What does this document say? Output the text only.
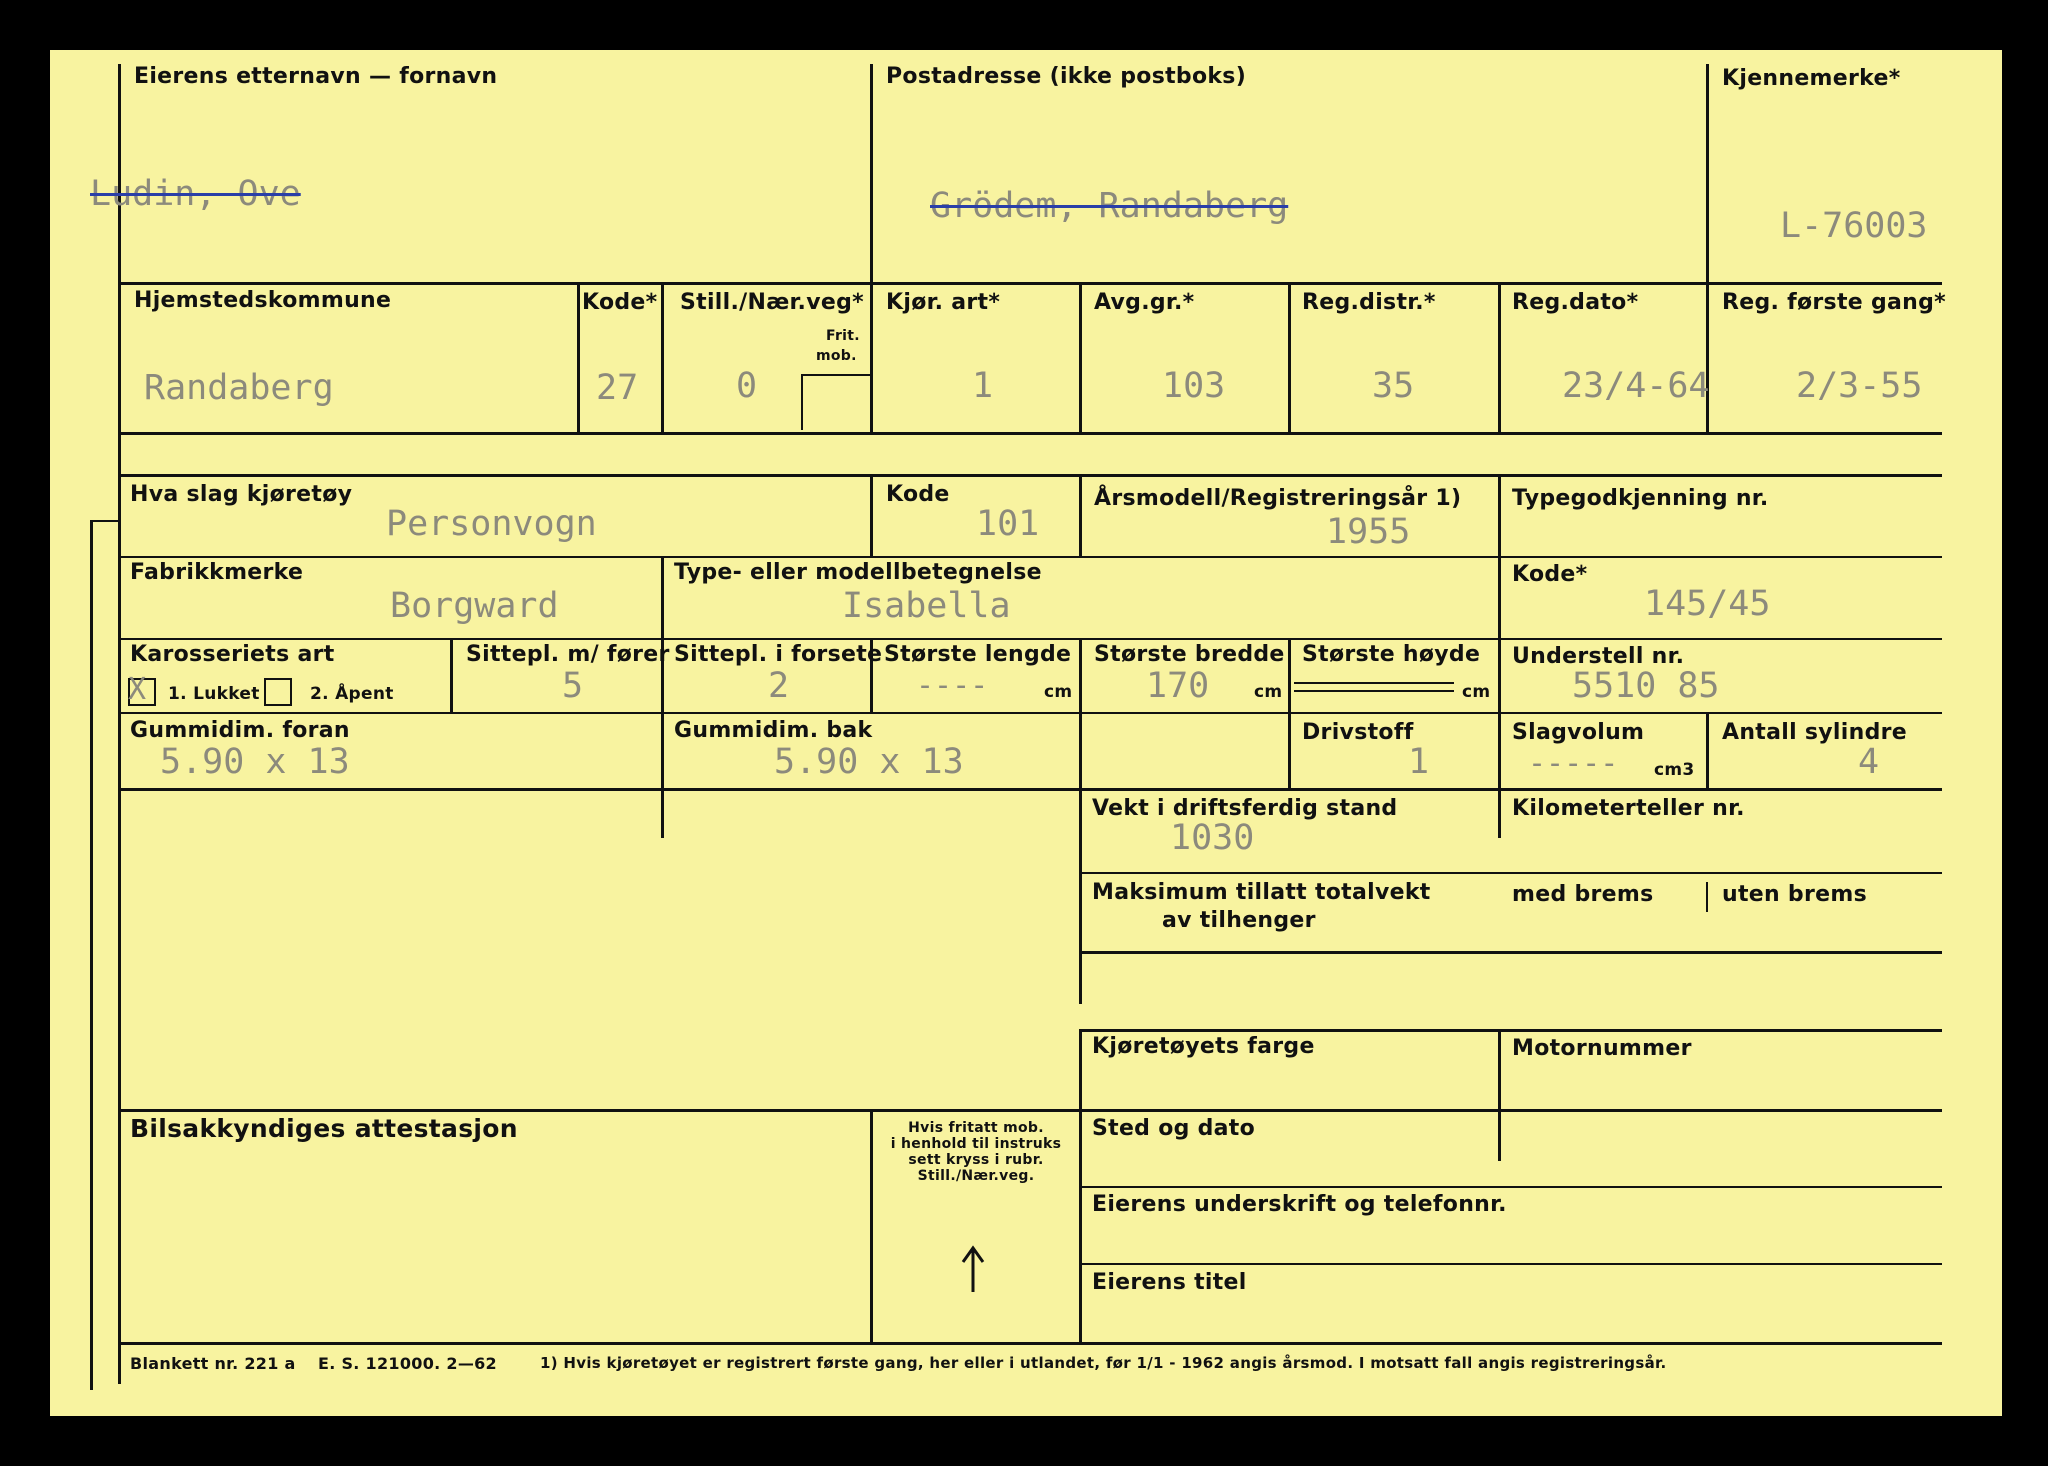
Eierens etternavn — fornavn	Postadresse (ikke postboks)	Kjennemerke*
Ludin, Ove	Grödem, Randaberg	L-76003
Hjemstedskommune
Randaberg
Kode*
27
Still./Nær.veg*
Frit.
mob.
0
Kjør. art*
1
Avg.gr.*
103
Reg.distr.*
35
Reg.dato*
23/4-64
Reg. første gang*
2/3-55
Hva slag kjøretøy
Personvogn
Kode
101
Årsmodell/Registreringsår 1)
1955
Typegodkjenning nr.
Fabrikkmerke
Borgward
Type- eller modellbetegnelse
Isabella
Kode*
145/45
Karosseriets art
X 1. Lukket	2. Åpent
Sittepl. m/ fører
5
Sittepl. i forsete
2
Største lengde
----	cm
Største bredde
170	cm
Største høyde
cm
Understell nr.
5510 85
Gummidim. foran
5.90 x 13
Gummidim. bak
5.90 x 13
Drivstoff
1
Slagvolum
----- cm3
Antall sylindre
4
Vekt i driftsferdig stand
1030
Kilometerteller nr.
Maksimum tillatt totalvekt
av tilhenger
med brems	uten brems
Kjøretøyets farge	Motornummer
Bilsakkyndiges attestasjon	Hvis fritatt mob.
i henhold til instruks
sett kryss i rubr.
Still./Nær.veg.
Sted og dato
Eierens underskrift og telefonnr.
Eierens titel
Blankett nr. 221 a E. S. 121000. 2—62	1) Hvis kjøretøyet er registrert første gang, her eller i utlandet, før 1/1 - 1962 angis årsmod. I motsatt fall angis registreringsår.
